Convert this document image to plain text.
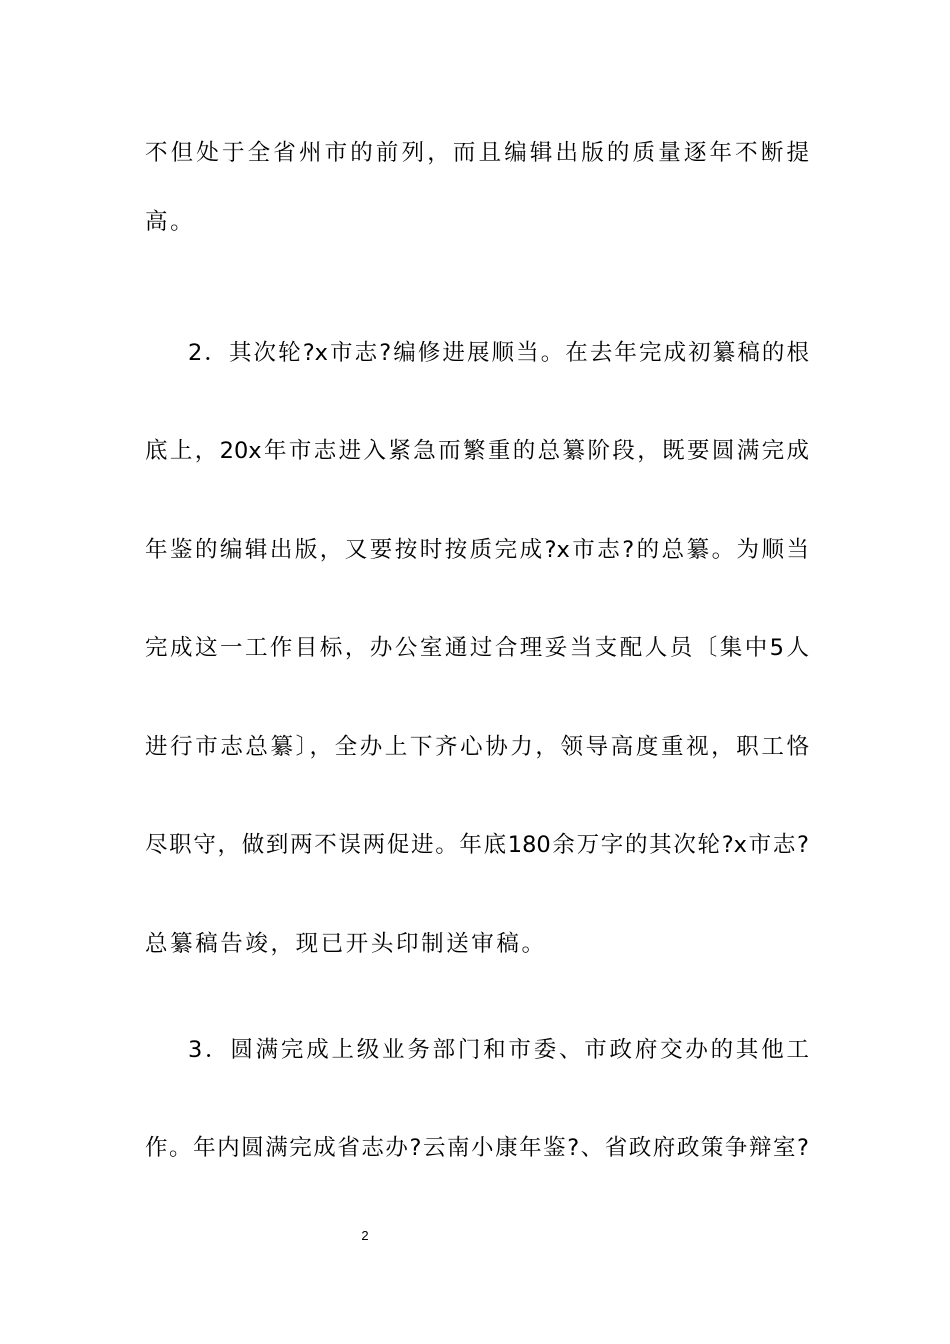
不但处于全省州市的前列，而且编辑出版的质量逐年不断提
高。
2．其次轮?x市志?编修进展顺当。在去年完成初纂稿的根
底上，20x年市志进入紧急而繁重的总纂阶段，既要圆满完成
年鉴的编辑出版，又要按时按质完成?x市志?的总纂。为顺当
完成这一工作目标，办公室通过合理妥当支配人员〔集中5人
进行市志总纂〕，全办上下齐心协力，领导高度重视，职工恪
尽职守，做到两不误两促进。年底180余万字的其次轮?x市志?
总纂稿告竣，现已开头印制送审稿。
3．圆满完成上级业务部门和市委、市政府交办的其他工
作。年内圆满完成省志办?云南小康年鉴?、省政府政策争辩室?
2
